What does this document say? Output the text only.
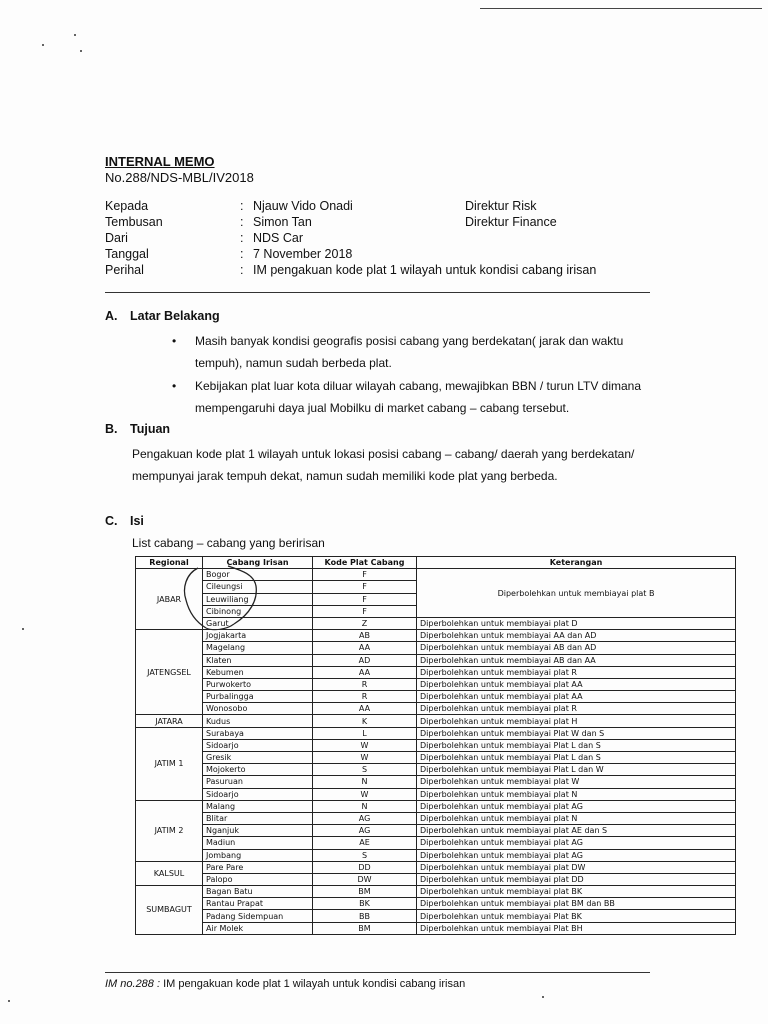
INTERNAL MEMO
No.288/NDS-MBL/IV2018
Kepada	: Njauw Vido Onadi	Direktur Risk
Tembusan	: Simon Tan	Direktur Finance
Dari	: NDS Car
Tanggal	: 7 November 2018
Perihal	: IM pengakuan kode plat 1 wilayah untuk kondisi cabang irisan
A. Latar Belakang
• Masih banyak kondisi geografis posisi cabang yang berdekatan( jarak dan waktu
tempuh), namun sudah berbeda plat.
• Kebijakan plat luar kota diluar wilayah cabang, mewajibkan BBN / turun LTV dimana
mempengaruhi daya jual Mobilku di market cabang – cabang tersebut.
B. Tujuan
Pengakuan kode plat 1 wilayah untuk lokasi posisi cabang – cabang/ daerah yang berdekatan/
mempunyai jarak tempuh dekat, namun sudah memiliki kode plat yang berbeda.
C. Isi
List cabang – cabang yang beririsan
Regional	Cabang Irisan	Kode Plat Cabang	Keterangan
JABAR	Bogor	F	Diperbolehkan untuk membiayai plat B
	Cileungsi	F	
	Leuwiliang	F	
	Cibinong	F	
	Garut	Z	Diperbolehkan untuk membiayai plat D
JATENGSEL	Jogjakarta	AB	Diperbolehkan untuk membiayai AA dan AD
	Magelang	AA	Diperbolehkan untuk membiayai AB dan AD
	Klaten	AD	Diperbolehkan untuk membiayai AB dan AA
	Kebumen	AA	Diperbolehkan untuk membiayai plat R
	Purwokerto	R	Diperbolehkan untuk membiayai plat AA
	Purbalingga	R	Diperbolehkan untuk membiayai plat AA
	Wonosobo	AA	Diperbolehkan untuk membiayai plat R
JATARA	Kudus	K	Diperbolehkan untuk membiayai plat H
JATIM 1	Surabaya	L	Diperbolehkan untuk membiayai Plat W dan S
	Sidoarjo	W	Diperbolehkan untuk membiayai Plat L dan S
	Gresik	W	Diperbolehkan untuk membiayai Plat L dan S
	Mojokerto	S	Diperbolehkan untuk membiayai Plat L dan W
	Pasuruan	N	Diperbolehkan untuk membiayai plat W
	Sidoarjo	W	Diperbolehkan untuk membiayai plat N
JATIM 2	Malang	N	Diperbolehkan untuk membiayai plat AG
	Blitar	AG	Diperbolehkan untuk membiayai plat N
	Nganjuk	AG	Diperbolehkan untuk membiayai plat AE dan S
	Madiun	AE	Diperbolehkan untuk membiayai plat AG
	Jombang	S	Diperbolehkan untuk membiayai plat AG
KALSUL	Pare Pare	DD	Diperbolehkan untuk membiayai plat DW
	Palopo	DW	Diperbolehkan untuk membiayai plat DD
SUMBAGUT	Bagan Batu	BM	Diperbolehkan untuk membiayai plat BK
	Rantau Prapat	BK	Diperbolehkan untuk membiayai plat BM dan BB
	Padang Sidempuan	BB	Diperbolehkan untuk membiayai Plat BK
	Air Molek	BM	Diperbolehkan untuk membiayai Plat BH
IM no.288 : IM pengakuan kode plat 1 wilayah untuk kondisi cabang irisan
